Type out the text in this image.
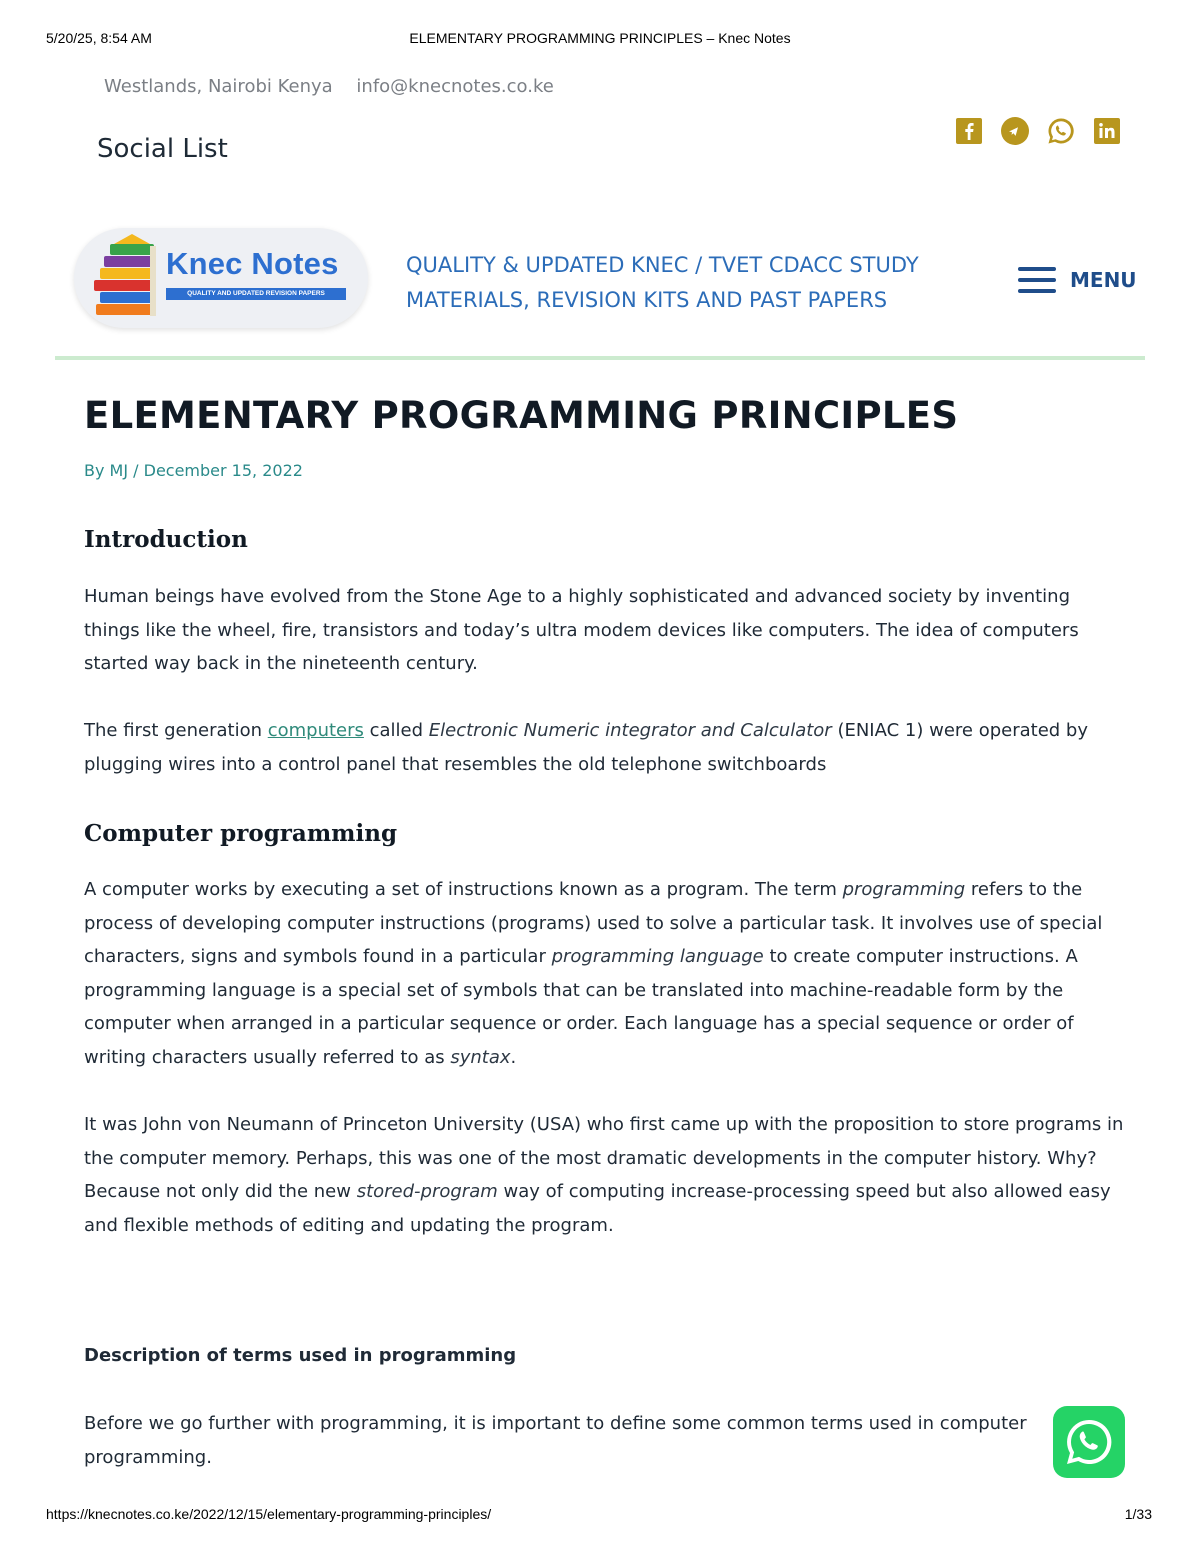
5/20/25, 8:54 AM	ELEMENTARY PROGRAMMING PRINCIPLES – Knec Notes
Westlands, Nairobi Kenya info@knecnotes.co.ke
Social List
Knec Notes
QUALITY AND UPDATED REVISION PAPERS
QUALITY & UPDATED KNEC / TVET CDACC STUDY
MATERIALS, REVISION KITS AND PAST PAPERS
MENU
ELEMENTARY PROGRAMMING PRINCIPLES
By MJ / December 15, 2022
Introduction

Human beings have evolved from the Stone Age to a highly sophisticated and advanced society by inventing things like the wheel, fire, transistors and today’s ultra modem devices like computers. The idea of computers started way back in the nineteenth century.

The first generation computers called Electronic Numeric integrator and Calculator (ENIAC 1) were operated by plugging wires into a control panel that resembles the old telephone switchboards

Computer programming

A computer works by executing a set of instructions known as a program. The term programming refers to the process of developing computer instructions (programs) used to solve a particular task. It involves use of special characters, signs and symbols found in a particular programming language to create computer instructions. A programming language is a special set of symbols that can be translated into machine-readable form by the computer when arranged in a particular sequence or order. Each language has a special sequence or order of writing characters usually referred to as syntax.

It was John von Neumann of Princeton University (USA) who first came up with the proposition to store programs in the computer memory. Perhaps, this was one of the most dramatic developments in the computer history. Why? Because not only did the new stored-program way of computing increase-processing speed but also allowed easy and flexible methods of editing and updating the program.

Description of terms used in programming

Before we go further with programming, it is important to define some common terms used in computer programming.

https://knecnotes.co.ke/2022/12/15/elementary-programming-principles/	1/33
